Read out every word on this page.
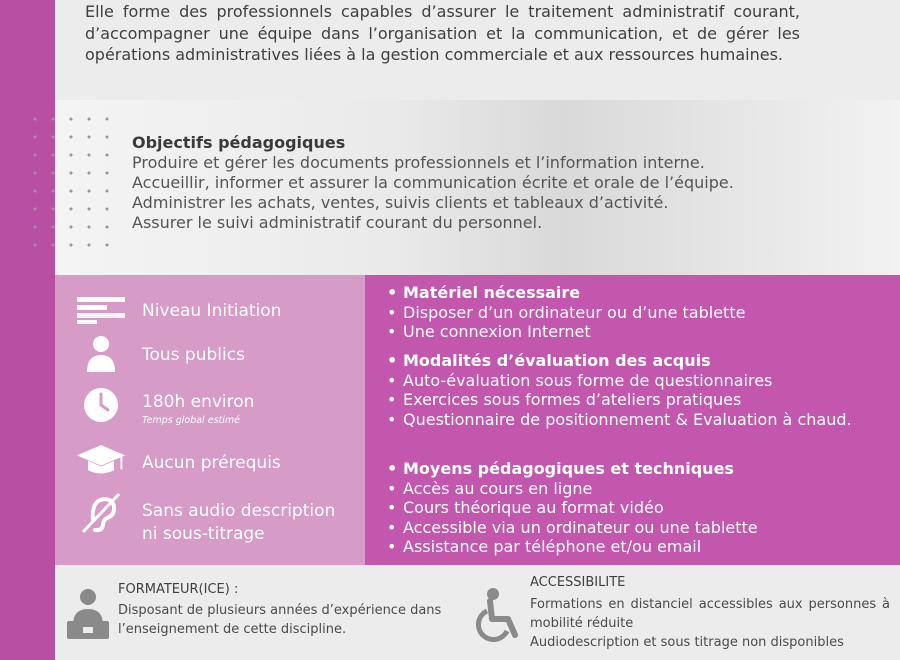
Elle forme des professionnels capables d’assurer le traitement administratif courant, d’accompagner une équipe dans l’organisation et la communication, et de gérer les opérations administratives liées à la gestion commerciale et aux ressources humaines.

Objectifs pédagogiques
Produire et gérer les documents professionnels et l’information interne.
Accueillir, informer et assurer la communication écrite et orale de l’équipe.
Administrer les achats, ventes, suivis clients et tableaux d’activité.
Assurer le suivi administratif courant du personnel.
Niveau Initiation
Tous publics
180h environ
Temps global estimé
Aucun prérequis
Sans audio description
ni sous-titrage
• Matériel nécessaire
• Disposer d’un ordinateur ou d’une tablette
• Une connexion Internet
• Modalités d’évaluation des acquis
• Auto-évaluation sous forme de questionnaires
• Exercices sous formes d’ateliers pratiques
• Questionnaire de positionnement & Evaluation à chaud.
• Moyens pédagogiques et techniques
• Accès au cours en ligne
• Cours théorique au format vidéo
• Accessible via un ordinateur ou une tablette
• Assistance par téléphone et/ou email
FORMATEUR(ICE) :
Disposant de plusieurs années d’expérience dans l’enseignement de cette discipline.
ACCESSIBILITE
Formations en distanciel accessibles aux personnes à mobilité réduite
Audiodescription et sous titrage non disponibles
